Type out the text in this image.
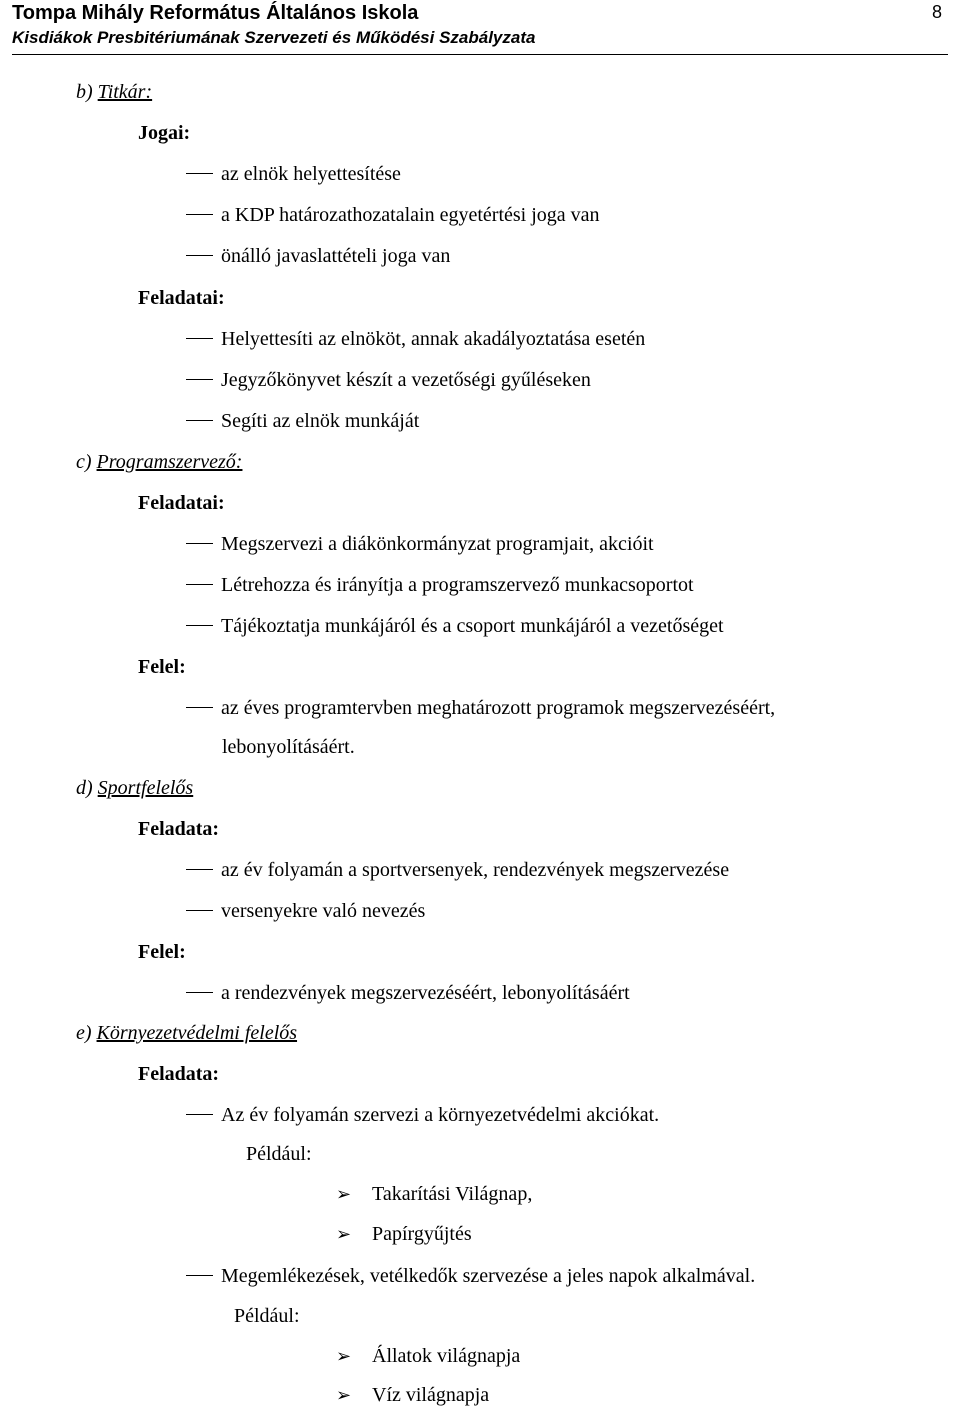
Tompa Mihály Református Általános Iskola
Kisdiákok Presbitériumának Szervezeti és Működési Szabályzata
8
b) Titkár:
Jogai:
az elnök helyettesítése
a KDP határozathozatalain egyetértési joga van
önálló javaslattételi joga van
Feladatai:
Helyettesíti az elnököt, annak akadályoztatása esetén
Jegyzőkönyvet készít a vezetőségi gyűléseken
Segíti az elnök munkáját
c) Programszervező:
Feladatai:
Megszervezi a diákönkormányzat programjait, akcióit
Létrehozza és irányítja a programszervező munkacsoportot
Tájékoztatja munkájáról és a csoport munkájáról a vezetőséget
Felel:
az éves programtervben meghatározott programok megszervezéséért,
lebonyolításáért.
d) Sportfelelős
Feladata:
az év folyamán a sportversenyek, rendezvények megszervezése
versenyekre való nevezés
Felel:
a rendezvények megszervezéséért, lebonyolításáért
e) Környezetvédelmi felelős
Feladata:
Az év folyamán szervezi a környezetvédelmi akciókat.
Például:
➢ Takarítási Világnap,
➢ Papírgyűjtés
Megemlékezések, vetélkedők szervezése a jeles napok alkalmával.
Például:
➢ Állatok világnapja
➢ Víz világnapja
